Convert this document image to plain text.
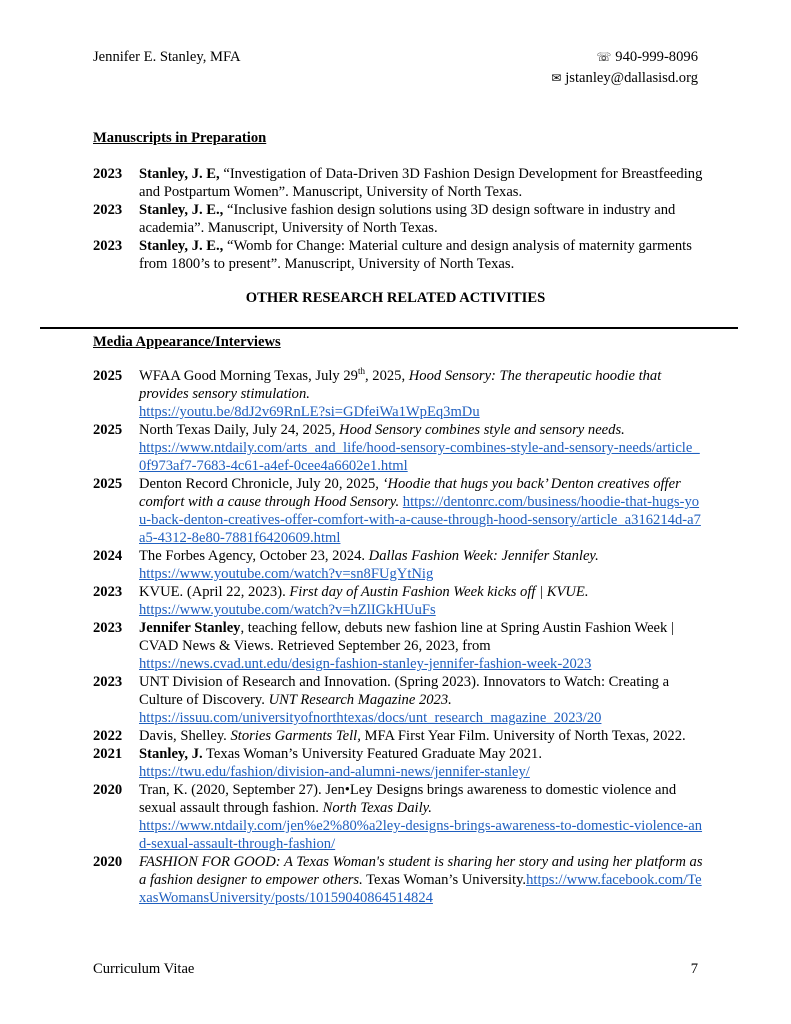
Jennifer E. Stanley, MFA	☏ 940-999-8096
✉ jstanley@dallasisd.org
Manuscripts in Preparation
2023	Stanley, J. E, “Investigation of Data-Driven 3D Fashion Design Development for Breastfeeding and Postpartum Women”. Manuscript, University of North Texas.
2023	Stanley, J. E., “Inclusive fashion design solutions using 3D design software in industry and academia”. Manuscript, University of North Texas.
2023	Stanley, J. E., “Womb for Change: Material culture and design analysis of maternity garments from 1800’s to present”. Manuscript, University of North Texas.
OTHER RESEARCH RELATED ACTIVITIES
Media Appearance/Interviews
2025	WFAA Good Morning Texas, July 29th, 2025, Hood Sensory: The therapeutic hoodie that provides sensory stimulation.
https://youtu.be/8dJ2v69RnLE?si=GDfeiWa1WpEq3mDu
2025	North Texas Daily, July 24, 2025, Hood Sensory combines style and sensory needs.
https://www.ntdaily.com/arts_and_life/hood-sensory-combines-style-and-sensory-needs/article_0f973af7-7683-4c61-a4ef-0cee4a6602e1.html
2025	Denton Record Chronicle, July 20, 2025, ‘Hoodie that hugs you back’ Denton creatives offer comfort with a cause through Hood Sensory. https://dentonrc.com/business/hoodie-that-hugs-you-back-denton-creatives-offer-comfort-with-a-cause-through-hood-sensory/article_a316214d-a7a5-4312-8e80-7881f6420609.html
2024	The Forbes Agency, October 23, 2024. Dallas Fashion Week: Jennifer Stanley.
https://www.youtube.com/watch?v=sn8FUgYtNig
2023	KVUE. (April 22, 2023). First day of Austin Fashion Week kicks off | KVUE.
https://www.youtube.com/watch?v=hZlIGkHUuFs
2023	Jennifer Stanley, teaching fellow, debuts new fashion line at Spring Austin Fashion Week | CVAD News & Views. Retrieved September 26, 2023, from
https://news.cvad.unt.edu/design-fashion-stanley-jennifer-fashion-week-2023
2023	UNT Division of Research and Innovation. (Spring 2023). Innovators to Watch: Creating a Culture of Discovery. UNT Research Magazine 2023.
https://issuu.com/universityofnorthtexas/docs/unt_research_magazine_2023/20
2022	Davis, Shelley. Stories Garments Tell, MFA First Year Film. University of North Texas, 2022.
2021	Stanley, J. Texas Woman’s University Featured Graduate May 2021.
https://twu.edu/fashion/division-and-alumni-news/jennifer-stanley/
2020	Tran, K. (2020, September 27). Jen•Ley Designs brings awareness to domestic violence and sexual assault through fashion. North Texas Daily.
https://www.ntdaily.com/jen%e2%80%a2ley-designs-brings-awareness-to-domestic-violence-and-sexual-assault-through-fashion/
2020	FASHION FOR GOOD: A Texas Woman's student is sharing her story and using her platform as a fashion designer to empower others. Texas Woman’s University.https://www.facebook.com/TexasWomansUniversity/posts/10159040864514824
Curriculum Vitae	7
